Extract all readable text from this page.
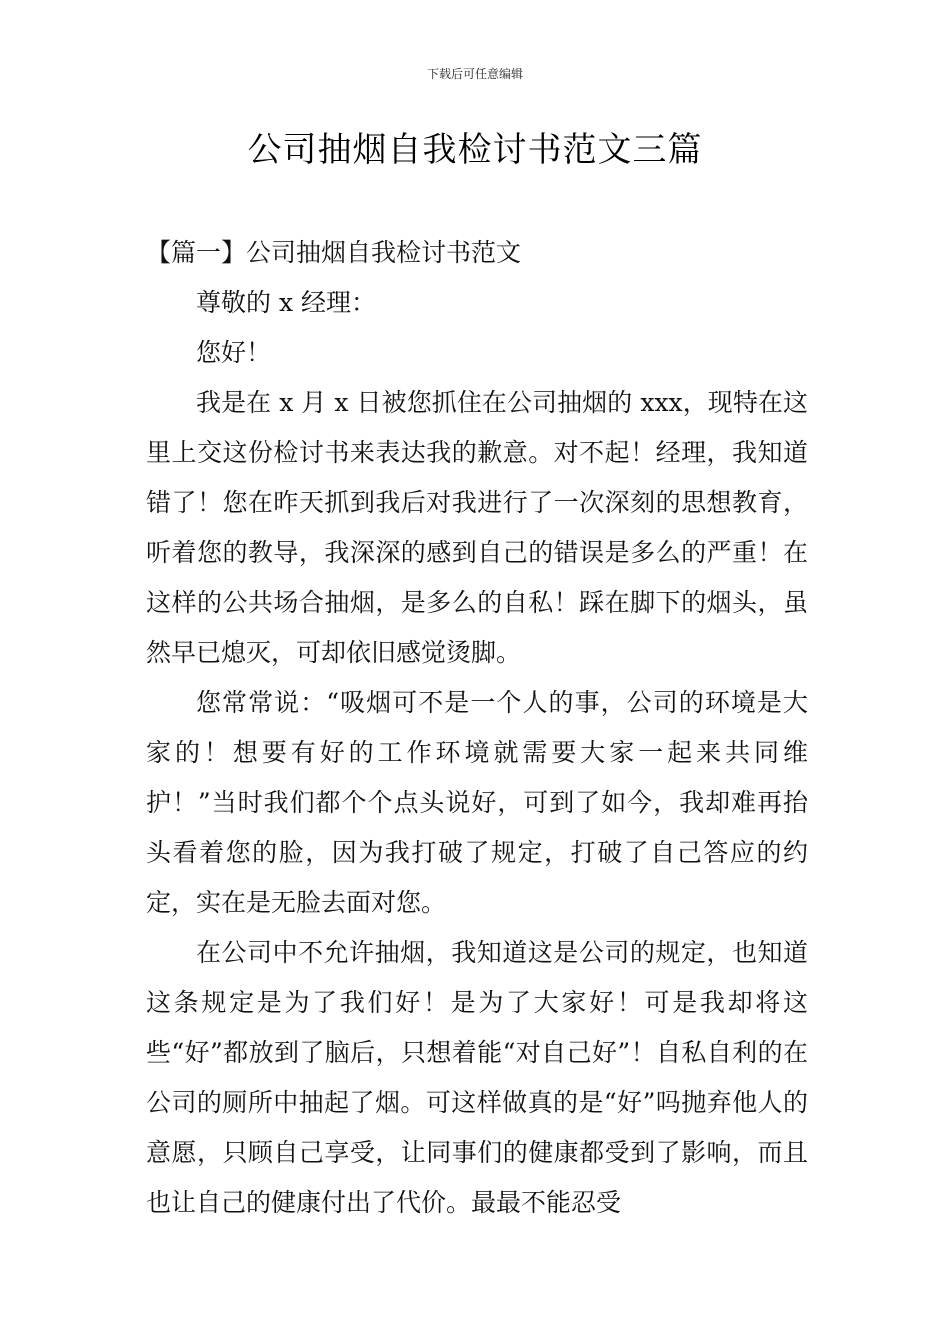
下载后可任意编辑
公司抽烟自我检讨书范文三篇

【篇一】公司抽烟自我检讨书范文

尊敬的 x 经理：

您好！

我是在 x 月 x 日被您抓住在公司抽烟的 xxx，现特在这里上交这份检讨书来表达我的歉意。对不起！经理，我知道错了！您在昨天抓到我后对我进行了一次深刻的思想教育，听着您的教导，我深深的感到自己的错误是多么的严重！在这样的公共场合抽烟，是多么的自私！踩在脚下的烟头，虽然早已熄灭，可却依旧感觉烫脚。

您常常说：“吸烟可不是一个人的事，公司的环境是大家的！想要有好的工作环境就需要大家一起来共同维护！”当时我们都个个点头说好，可到了如今，我却难再抬头看着您的脸，因为我打破了规定，打破了自己答应的约定，实在是无脸去面对您。

在公司中不允许抽烟，我知道这是公司的规定，也知道这条规定是为了我们好！是为了大家好！可是我却将这些“好”都放到了脑后，只想着能“对自己好”！自私自利的在公司的厕所中抽起了烟。可这样做真的是“好”吗抛弃他人的意愿，只顾自己享受，让同事们的健康都受到了影响，而且也让自己的健康付出了代价。最最不能忍受
